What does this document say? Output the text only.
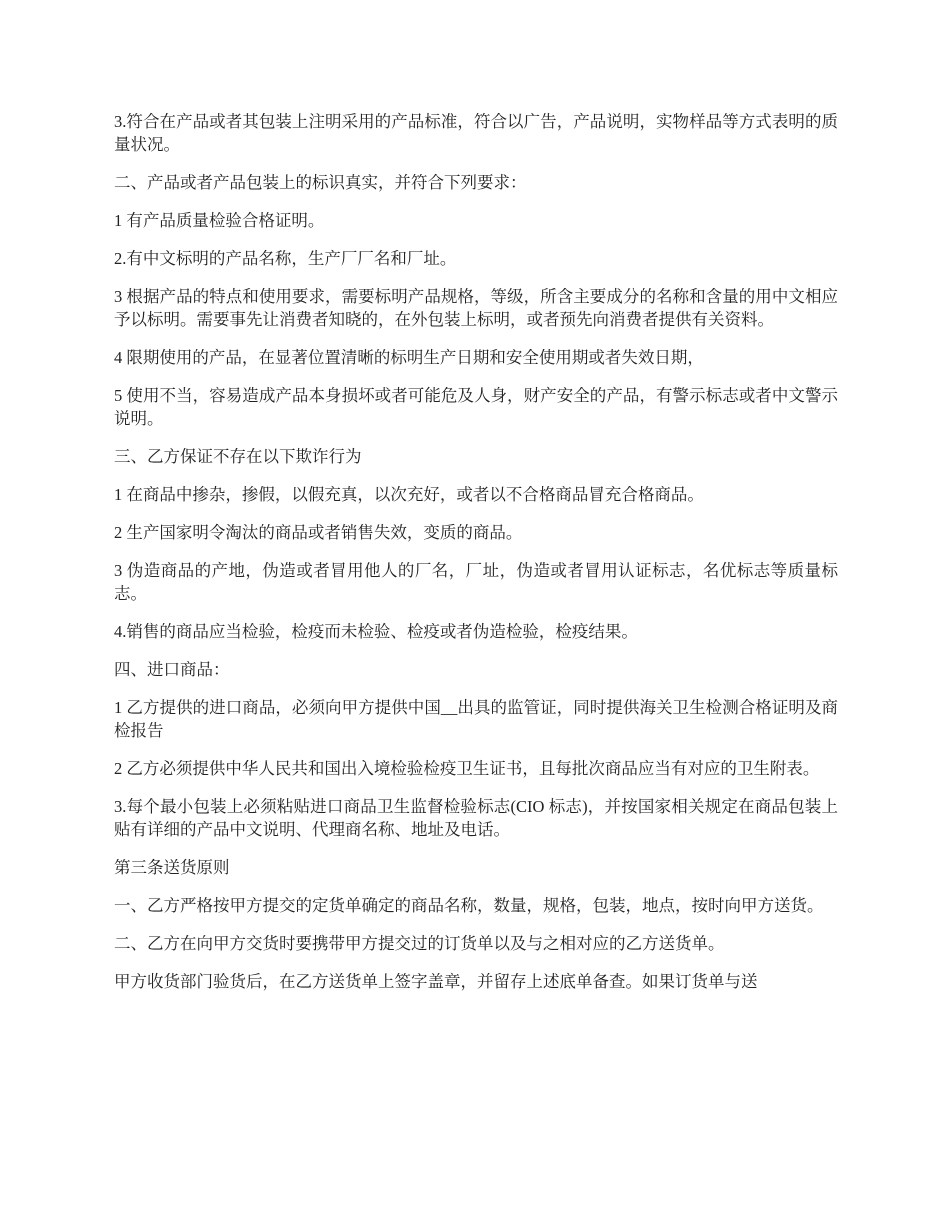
3.符合在产品或者其包装上注明采用的产品标准，符合以广告，产品说明，实物样品等方式表明的质量状况。

二、产品或者产品包装上的标识真实，并符合下列要求：

1 有产品质量检验合格证明。

2.有中文标明的产品名称，生产厂厂名和厂址。

3 根据产品的特点和使用要求，需要标明产品规格，等级，所含主要成分的名称和含量的用中文相应予以标明。需要事先让消费者知晓的，在外包装上标明，或者预先向消费者提供有关资料。

4 限期使用的产品，在显著位置清晰的标明生产日期和安全使用期或者失效日期，

5 使用不当，容易造成产品本身损坏或者可能危及人身，财产安全的产品，有警示标志或者中文警示说明。

三、乙方保证不存在以下欺诈行为

1 在商品中掺杂，掺假，以假充真，以次充好，或者以不合格商品冒充合格商品。

2 生产国家明令淘汰的商品或者销售失效，变质的商品。

3 伪造商品的产地，伪造或者冒用他人的厂名，厂址，伪造或者冒用认证标志，名优标志等质量标志。

4.销售的商品应当检验，检疫而未检验、检疫或者伪造检验，检疫结果。

四、进口商品：

1 乙方提供的进口商品，必须向甲方提供中国__出具的监管证，同时提供海关卫生检测合格证明及商检报告

2 乙方必须提供中华人民共和国出入境检验检疫卫生证书，且每批次商品应当有对应的卫生附表。

3.每个最小包装上必须粘贴进口商品卫生监督检验标志(CIO 标志)，并按国家相关规定在商品包装上贴有详细的产品中文说明、代理商名称、地址及电话。

第三条送货原则

一、乙方严格按甲方提交的定货单确定的商品名称，数量，规格，包装，地点，按时向甲方送货。

二、乙方在向甲方交货时要携带甲方提交过的订货单以及与之相对应的乙方送货单。

甲方收货部门验货后，在乙方送货单上签字盖章，并留存上述底单备查。如果订货单与送
